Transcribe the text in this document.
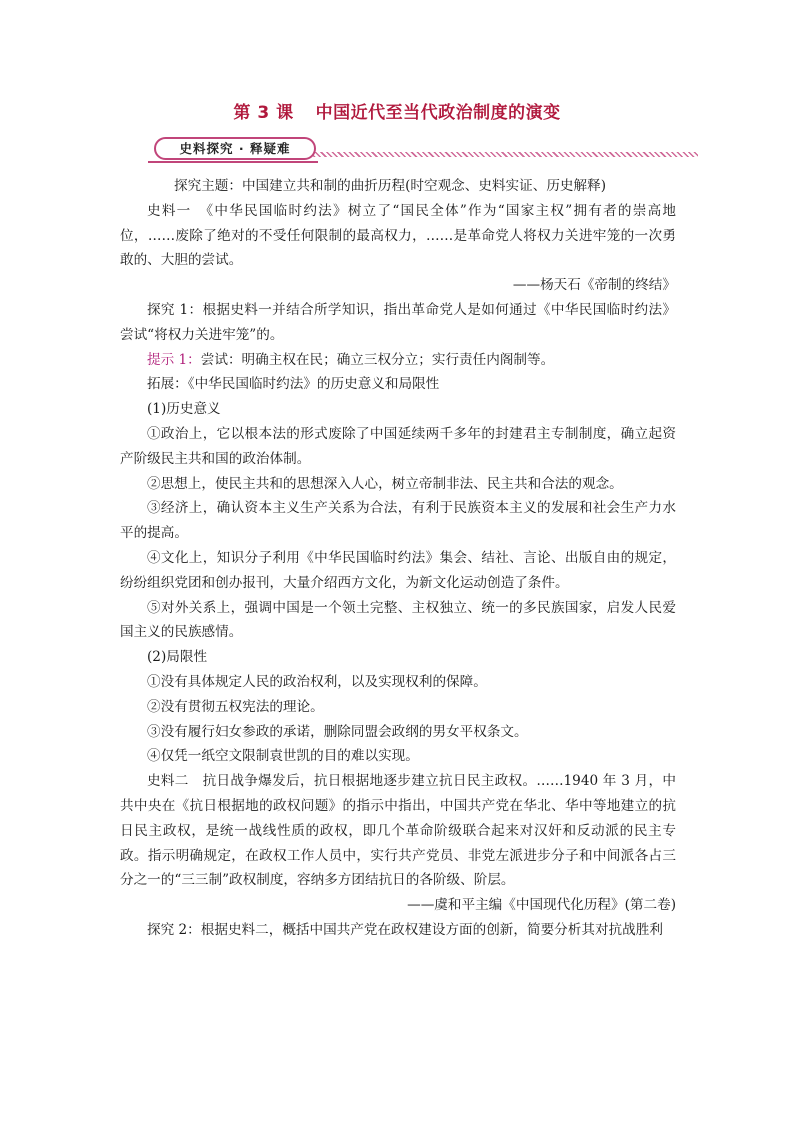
第 3 课 中国近代至当代政治制度的演变
史料探究 · 释疑难

探究主题：中国建立共和制的曲折历程(时空观念、史料实证、历史解释)

史料一　《中华民国临时约法》树立了“国民全体”作为“国家主权”拥有者的崇高地位，……废除了绝对的不受任何限制的最高权力，……是革命党人将权力关进牢笼的一次勇敢的、大胆的尝试。

——杨天石《帝制的终结》

探究 1：根据史料一并结合所学知识，指出革命党人是如何通过《中华民国临时约法》尝试“将权力关进牢笼”的。

提示 1：尝试：明确主权在民；确立三权分立；实行责任内阁制等。

拓展：《中华民国临时约法》的历史意义和局限性

(1)历史意义

①政治上，它以根本法的形式废除了中国延续两千多年的封建君主专制制度，确立起资产阶级民主共和国的政治体制。

②思想上，使民主共和的思想深入人心，树立帝制非法、民主共和合法的观念。

③经济上，确认资本主义生产关系为合法，有利于民族资本主义的发展和社会生产力水平的提高。

④文化上，知识分子利用《中华民国临时约法》集会、结社、言论、出版自由的规定，纷纷组织党团和创办报刊，大量介绍西方文化，为新文化运动创造了条件。

⑤对外关系上，强调中国是一个领土完整、主权独立、统一的多民族国家，启发人民爱国主义的民族感情。

(2)局限性

①没有具体规定人民的政治权利，以及实现权利的保障。

②没有贯彻五权宪法的理论。

③没有履行妇女参政的承诺，删除同盟会政纲的男女平权条文。

④仅凭一纸空文限制袁世凯的目的难以实现。

史料二　抗日战争爆发后，抗日根据地逐步建立抗日民主政权。……1940 年 3 月，中共中央在《抗日根据地的政权问题》的指示中指出，中国共产党在华北、华中等地建立的抗日民主政权，是统一战线性质的政权，即几个革命阶级联合起来对汉奸和反动派的民主专政。指示明确规定，在政权工作人员中，实行共产党员、非党左派进步分子和中间派各占三分之一的“三三制”政权制度，容纳多方团结抗日的各阶级、阶层。

——虞和平主编《中国现代化历程》(第二卷)

探究 2：根据史料二，概括中国共产党在政权建设方面的创新，简要分析其对抗战胜利
